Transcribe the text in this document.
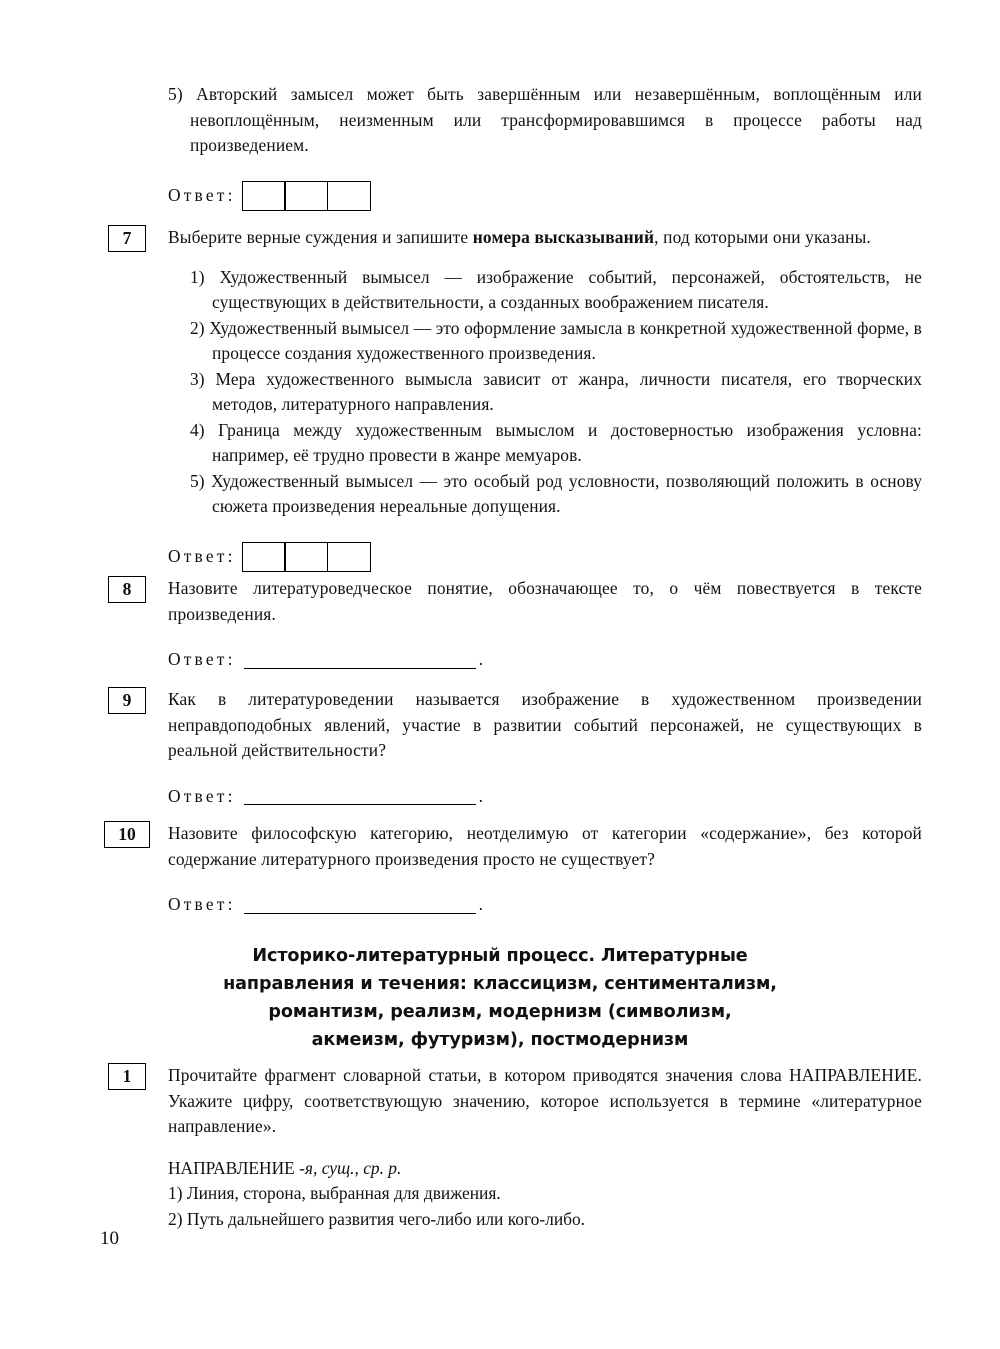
5) Авторский замысел может быть завершённым или незавершённым, воплощённым или невоплощённым, неизменным или трансформировавшимся в процессе работы над произведением.
Ответ:
7	Выберите верные суждения и запишите номера высказываний, под которыми они указаны.
1) Художественный вымысел — изображение событий, персонажей, обстоятельств, не существующих в действительности, а созданных воображением писателя.
2) Художественный вымысел — это оформление замысла в конкретной художественной форме, в процессе создания художественного произведения.
3) Мера художественного вымысла зависит от жанра, личности писателя, его творческих методов, литературного направления.
4) Граница между художественным вымыслом и достоверностью изображения условна: например, её трудно провести в жанре мемуаров.
5) Художественный вымысел — это особый род условности, позволяющий положить в основу сюжета произведения нереальные допущения.
Ответ:
8	Назовите литературоведческое понятие, обозначающее то, о чём повествуется в тексте произведения.
Ответ:	.
9	Как в литературоведении называется изображение в художественном произведении неправдоподобных явлений, участие в развитии событий персонажей, не существующих в реальной действительности?
Ответ:	.
10	Назовите философскую категорию, неотделимую от категории «содержание», без которой содержание литературного произведения просто не существует?
Ответ:	.
Историко-литературный процесс. Литературные
направления и течения: классицизм, сентиментализм,
романтизм, реализм, модернизм (символизм,
акмеизм, футуризм), постмодернизм
1	Прочитайте фрагмент словарной статьи, в котором приводятся значения слова НАПРАВЛЕНИЕ. Укажите цифру, соответствующую значению, которое используется в термине «литературное направление».
НАПРАВЛЕНИЕ -я, сущ., ср. р.
1) Линия, сторона, выбранная для движения.
2) Путь дальнейшего развития чего-либо или кого-либо.
10
